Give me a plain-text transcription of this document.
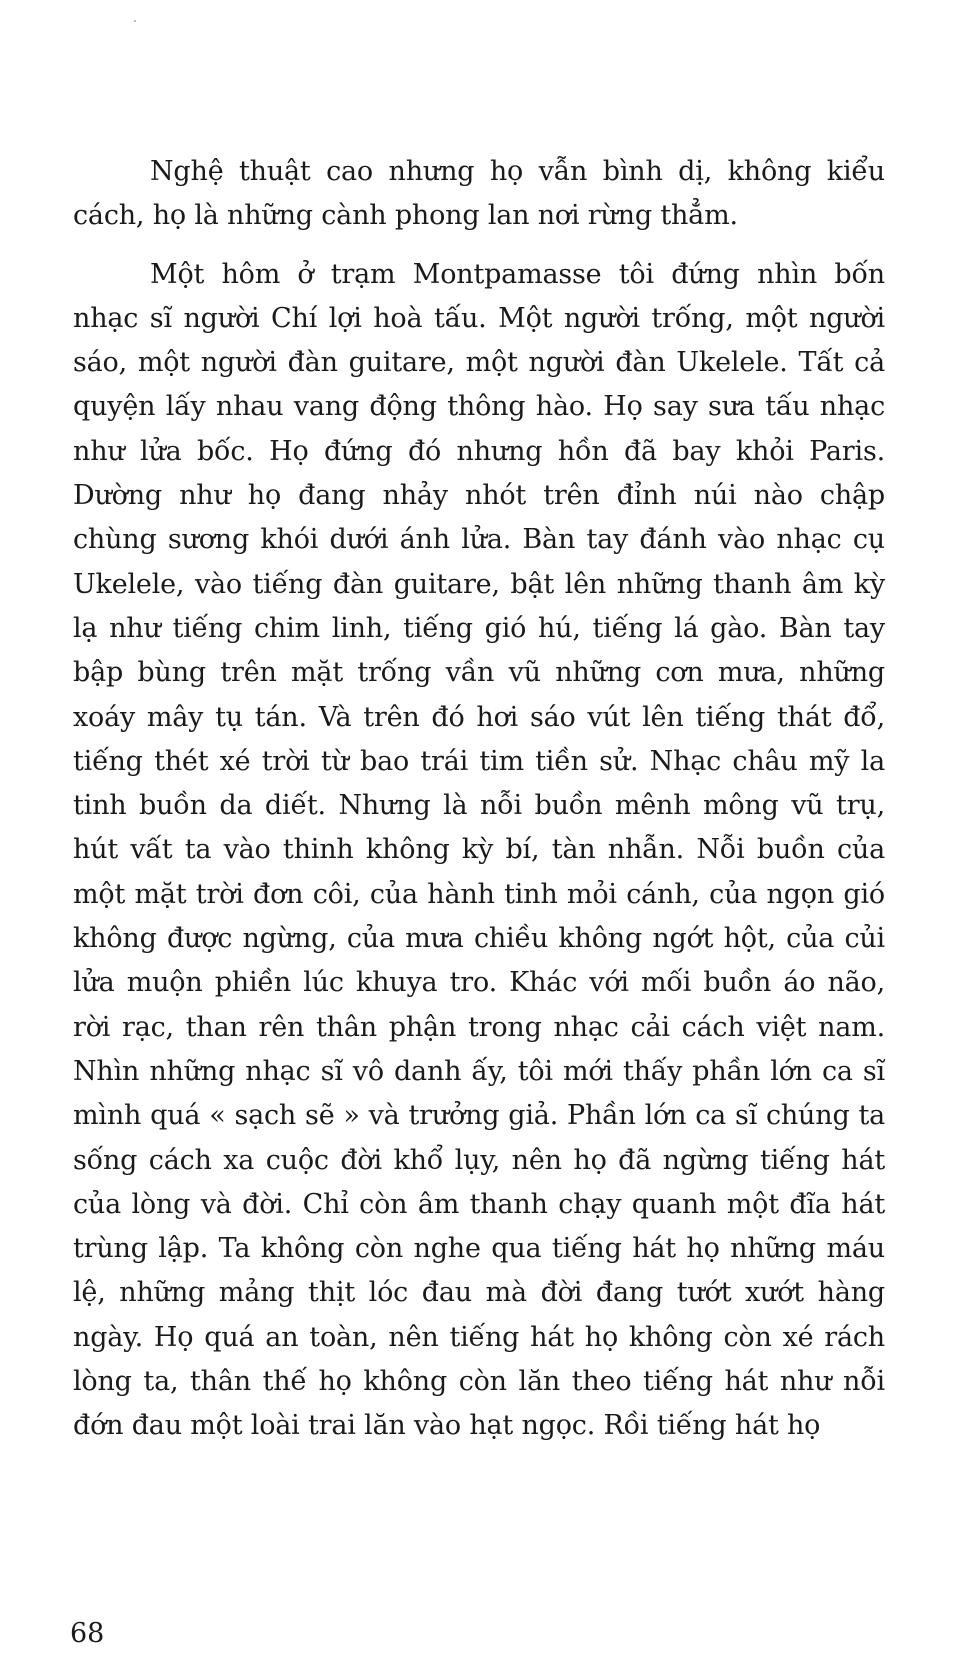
Nghệ thuật cao nhưng họ vẫn bình dị, không kiểu cách, họ là những cành phong lan nơi rừng thẳm.

Một hôm ở trạm Montpamasse tôi đứng nhìn bốn nhạc sĩ người Chí lợi hoà tấu. Một người trống, một người sáo, một người đàn guitare, một người đàn Ukelele. Tất cả quyện lấy nhau vang động thông hào. Họ say sưa tấu nhạc như lửa bốc. Họ đứng đó nhưng hồn đã bay khỏi Paris. Dường như họ đang nhảy nhót trên đỉnh núi nào chập chùng sương khói dưới ánh lửa. Bàn tay đánh vào nhạc cụ Ukelele, vào tiếng đàn guitare, bật lên những thanh âm kỳ lạ như tiếng chim linh, tiếng gió hú, tiếng lá gào. Bàn tay bập bùng trên mặt trống vần vũ những cơn mưa, những xoáy mây tụ tán. Và trên đó hơi sáo vút lên tiếng thát đổ, tiếng thét xé trời từ bao trái tim tiền sử. Nhạc châu mỹ la tinh buồn da diết. Nhưng là nỗi buồn mênh mông vũ trụ, hút vất ta vào thinh không kỳ bí, tàn nhẫn. Nỗi buồn của một mặt trời đơn côi, của hành tinh mỏi cánh, của ngọn gió không được ngừng, của mưa chiều không ngớt hột, của củi lửa muộn phiền lúc khuya tro. Khác với mối buồn áo não, rời rạc, than rên thân phận trong nhạc cải cách việt nam. Nhìn những nhạc sĩ vô danh ấy, tôi mới thấy phần lớn ca sĩ mình quá « sạch sẽ » và trưởng giả. Phần lớn ca sĩ chúng ta sống cách xa cuộc đời khổ lụy, nên họ đã ngừng tiếng hát của lòng và đời. Chỉ còn âm thanh chạy quanh một đĩa hát trùng lập. Ta không còn nghe qua tiếng hát họ những máu lệ, những mảng thịt lóc đau mà đời đang tướt xướt hàng ngày. Họ quá an toàn, nên tiếng hát họ không còn xé rách lòng ta, thân thế họ không còn lăn theo tiếng hát như nỗi đớn đau một loài trai lăn vào hạt ngọc. Rồi tiếng hát họ

68
